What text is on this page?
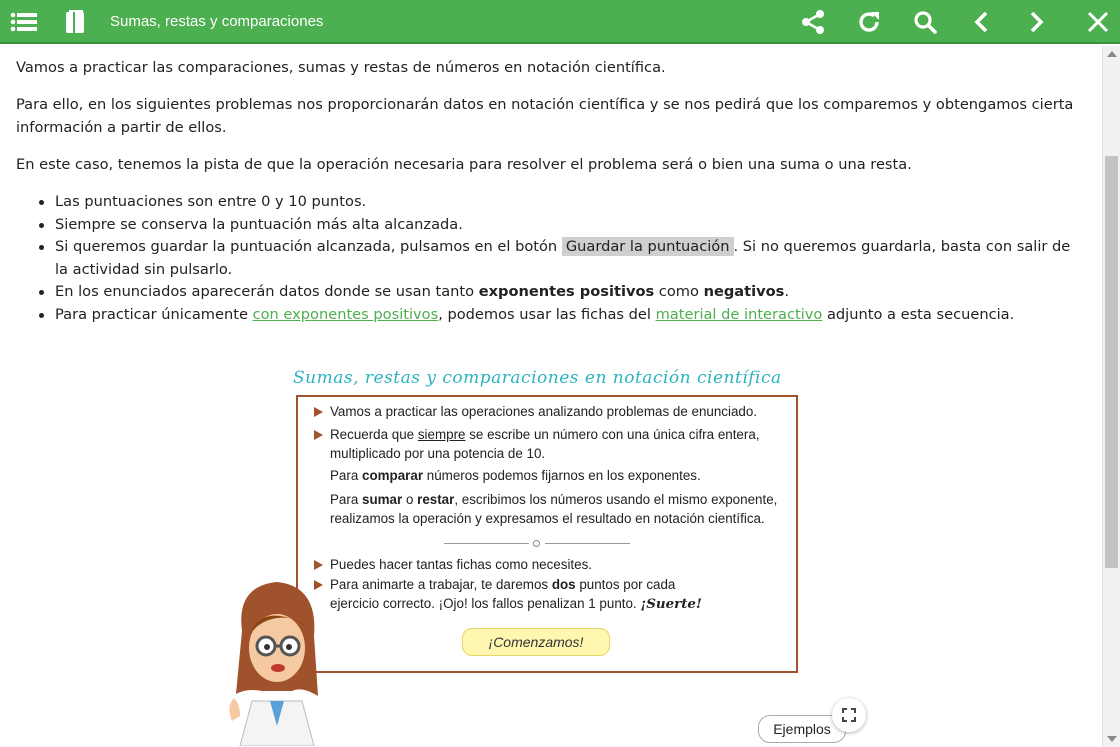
Sumas, restas y comparaciones

Vamos a practicar las comparaciones, sumas y restas de números en notación científica.

Para ello, en los siguientes problemas nos proporcionarán datos en notación científica y se nos pedirá que los comparemos y obtengamos cierta información a partir de ellos.

En este caso, tenemos la pista de que la operación necesaria para resolver el problema será o bien una suma o una resta.

Las puntuaciones son entre 0 y 10 puntos.
Siempre se conserva la puntuación más alta alcanzada.
Si queremos guardar la puntuación alcanzada, pulsamos en el botón Guardar la puntuación . Si no queremos guardarla, basta con salir de la actividad sin pulsarlo.
En los enunciados aparecerán datos donde se usan tanto exponentes positivos como negativos.
Para practicar únicamente con exponentes positivos, podemos usar las fichas del material de interactivo adjunto a esta secuencia.
Sumas, restas y comparaciones en notación científica
Vamos a practicar las operaciones analizando problemas de enunciado.
Recuerda que siempre se escribe un número con una única cifra entera,
multiplicado por una potencia de 10.
Para comparar números podemos fijarnos en los exponentes.
Para sumar o restar, escribimos los números usando el mismo exponente,
realizamos la operación y expresamos el resultado en notación científica.
Puedes hacer tantas fichas como necesites.
Para animarte a trabajar, te daremos dos puntos por cada
ejercicio correcto. ¡Ojo! los fallos penalizan 1 punto. ¡Suerte!
¡Comenzamos!
Ejemplos
